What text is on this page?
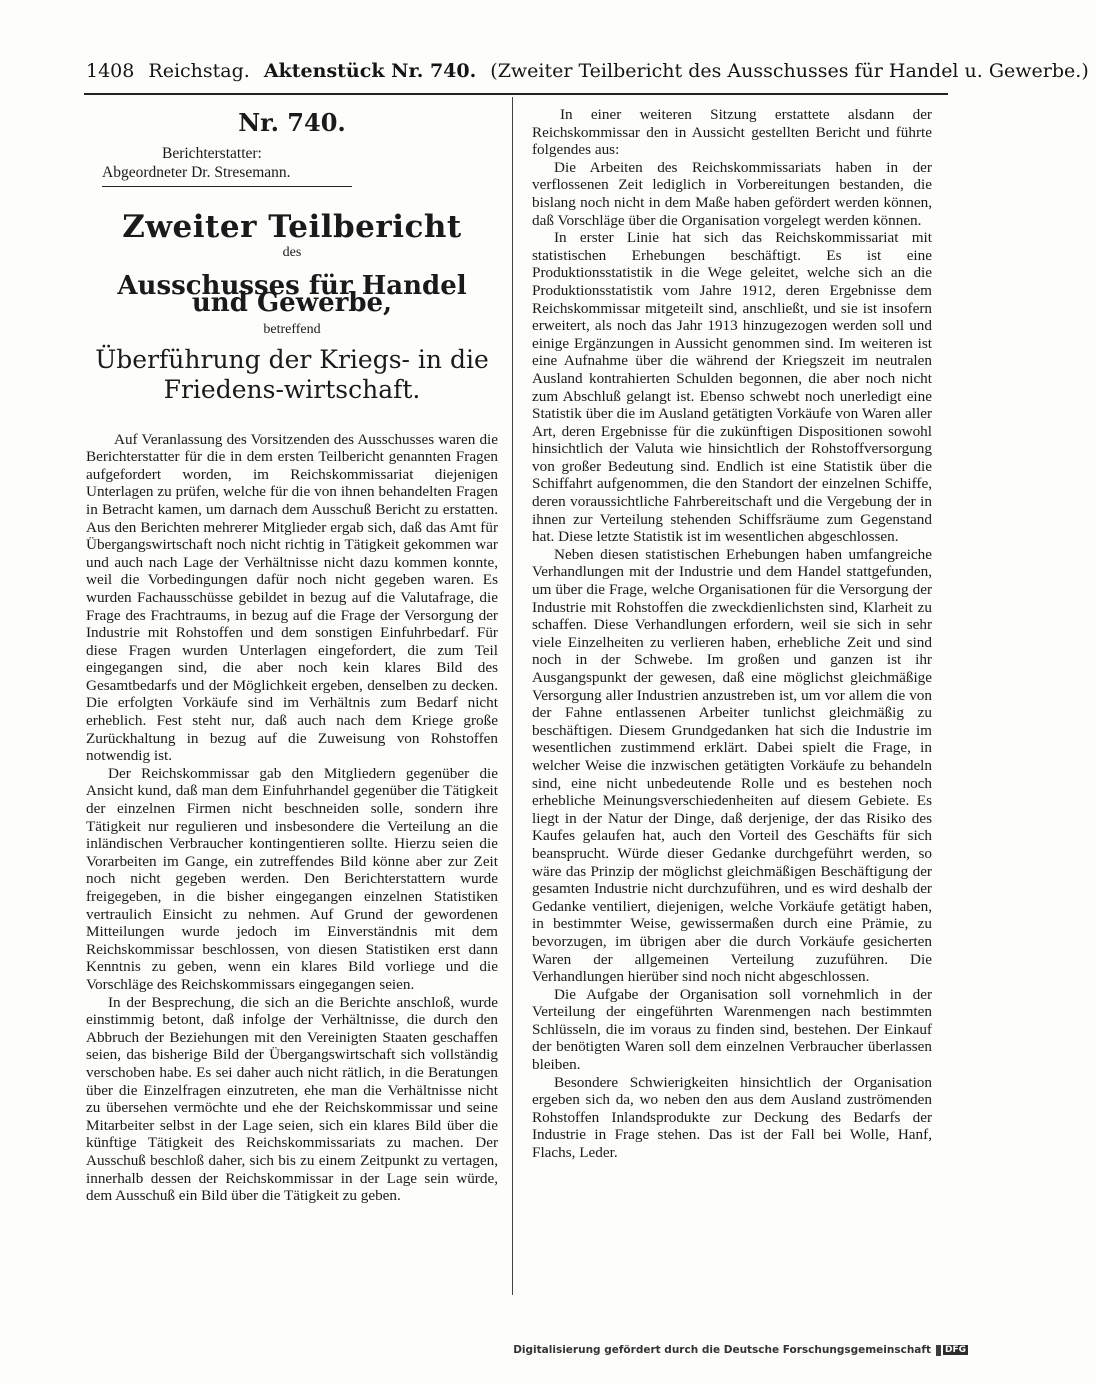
1408 Reichstag. Aktenstück Nr. 740. (Zweiter Teilbericht des Ausschusses für Handel u. Gewerbe.)
Nr. 740.
Berichterstatter:
Abgeordneter Dr. Stresemann.
Zweiter Teilbericht
des
Ausschusses für Handel und Gewerbe,
betreffend
Überführung der Kriegs- in die Friedens-wirtschaft.

Auf Veranlassung des Vorsitzenden des Ausschusses waren die Berichterstatter für die in dem ersten Teilbericht genannten Fragen aufgefordert worden, im Reichskommissariat diejenigen Unterlagen zu prüfen, welche für die von ihnen behandelten Fragen in Betracht kamen, um darnach dem Ausschuß Bericht zu erstatten. Aus den Berichten mehrerer Mitglieder ergab sich, daß das Amt für Übergangswirtschaft noch nicht richtig in Tätigkeit gekommen war und auch nach Lage der Verhältnisse nicht dazu kommen konnte, weil die Vorbedingungen dafür noch nicht gegeben waren. Es wurden Fachausschüsse gebildet in bezug auf die Valutafrage, die Frage des Frachtraums, in bezug auf die Frage der Versorgung der Industrie mit Rohstoffen und dem sonstigen Einfuhrbedarf. Für diese Fragen wurden Unterlagen eingefordert, die zum Teil eingegangen sind, die aber noch kein klares Bild des Gesamtbedarfs und der Möglichkeit ergeben, denselben zu decken. Die erfolgten Vorkäufe sind im Verhältnis zum Bedarf nicht erheblich. Fest steht nur, daß auch nach dem Kriege große Zurückhaltung in bezug auf die Zuweisung von Rohstoffen notwendig ist.

Der Reichskommissar gab den Mitgliedern gegenüber die Ansicht kund, daß man dem Einfuhrhandel gegenüber die Tätigkeit der einzelnen Firmen nicht beschneiden solle, sondern ihre Tätigkeit nur regulieren und insbesondere die Verteilung an die inländischen Verbraucher kontingentieren sollte. Hierzu seien die Vorarbeiten im Gange, ein zutreffendes Bild könne aber zur Zeit noch nicht gegeben werden. Den Berichterstattern wurde freigegeben, in die bisher eingegangen einzelnen Statistiken vertraulich Einsicht zu nehmen. Auf Grund der gewordenen Mitteilungen wurde jedoch im Einverständnis mit dem Reichskommissar beschlossen, von diesen Statistiken erst dann Kenntnis zu geben, wenn ein klares Bild vorliege und die Vorschläge des Reichskommissars eingegangen seien.

In der Besprechung, die sich an die Berichte anschloß, wurde einstimmig betont, daß infolge der Verhältnisse, die durch den Abbruch der Beziehungen mit den Vereinigten Staaten geschaffen seien, das bisherige Bild der Übergangswirtschaft sich vollständig verschoben habe. Es sei daher auch nicht rätlich, in die Beratungen über die Einzelfragen einzutreten, ehe man die Verhältnisse nicht zu übersehen vermöchte und ehe der Reichskommissar und seine Mitarbeiter selbst in der Lage seien, sich ein klares Bild über die künftige Tätigkeit des Reichskommissariats zu machen. Der Ausschuß beschloß daher, sich bis zu einem Zeitpunkt zu vertagen, innerhalb dessen der Reichskommissar in der Lage sein würde, dem Ausschuß ein Bild über die Tätigkeit zu geben.

In einer weiteren Sitzung erstattete alsdann der Reichskommissar den in Aussicht gestellten Bericht und führte folgendes aus:

Die Arbeiten des Reichskommissariats haben in der verflossenen Zeit lediglich in Vorbereitungen bestanden, die bislang noch nicht in dem Maße haben gefördert werden können, daß Vorschläge über die Organisation vorgelegt werden können.

In erster Linie hat sich das Reichskommissariat mit statistischen Erhebungen beschäftigt. Es ist eine Produktionsstatistik in die Wege geleitet, welche sich an die Produktionsstatistik vom Jahre 1912, deren Ergebnisse dem Reichskommissar mitgeteilt sind, anschließt, und sie ist insofern erweitert, als noch das Jahr 1913 hinzugezogen werden soll und einige Ergänzungen in Aussicht genommen sind. Im weiteren ist eine Aufnahme über die während der Kriegszeit im neutralen Ausland kontrahierten Schulden begonnen, die aber noch nicht zum Abschluß gelangt ist. Ebenso schwebt noch unerledigt eine Statistik über die im Ausland getätigten Vorkäufe von Waren aller Art, deren Ergebnisse für die zukünftigen Dispositionen sowohl hinsichtlich der Valuta wie hinsichtlich der Rohstoffversorgung von großer Bedeutung sind. Endlich ist eine Statistik über die Schiffahrt aufgenommen, die den Standort der einzelnen Schiffe, deren voraussichtliche Fahrbereitschaft und die Vergebung der in ihnen zur Verteilung stehenden Schiffsräume zum Gegenstand hat. Diese letzte Statistik ist im wesentlichen abgeschlossen.

Neben diesen statistischen Erhebungen haben umfangreiche Verhandlungen mit der Industrie und dem Handel stattgefunden, um über die Frage, welche Organisationen für die Versorgung der Industrie mit Rohstoffen die zweckdienlichsten sind, Klarheit zu schaffen. Diese Verhandlungen erfordern, weil sie sich in sehr viele Einzelheiten zu verlieren haben, erhebliche Zeit und sind noch in der Schwebe. Im großen und ganzen ist ihr Ausgangspunkt der gewesen, daß eine möglichst gleichmäßige Versorgung aller Industrien anzustreben ist, um vor allem die von der Fahne entlassenen Arbeiter tunlichst gleichmäßig zu beschäftigen. Diesem Grundgedanken hat sich die Industrie im wesentlichen zustimmend erklärt. Dabei spielt die Frage, in welcher Weise die inzwischen getätigten Vorkäufe zu behandeln sind, eine nicht unbedeutende Rolle und es bestehen noch erhebliche Meinungsverschiedenheiten auf diesem Gebiete. Es liegt in der Natur der Dinge, daß derjenige, der das Risiko des Kaufes gelaufen hat, auch den Vorteil des Geschäfts für sich beansprucht. Würde dieser Gedanke durchgeführt werden, so wäre das Prinzip der möglichst gleichmäßigen Beschäftigung der gesamten Industrie nicht durchzuführen, und es wird deshalb der Gedanke ventiliert, diejenigen, welche Vorkäufe getätigt haben, in bestimmter Weise, gewissermaßen durch eine Prämie, zu bevorzugen, im übrigen aber die durch Vorkäufe gesicherten Waren der allgemeinen Verteilung zuzuführen. Die Verhandlungen hierüber sind noch nicht abgeschlossen.

Die Aufgabe der Organisation soll vornehmlich in der Verteilung der eingeführten Warenmengen nach bestimmten Schlüsseln, die im voraus zu finden sind, bestehen. Der Einkauf der benötigten Waren soll dem einzelnen Verbraucher überlassen bleiben.

Besondere Schwierigkeiten hinsichtlich der Organisation ergeben sich da, wo neben den aus dem Ausland zuströmenden Rohstoffen Inlandsprodukte zur Deckung des Bedarfs der Industrie in Frage stehen. Das ist der Fall bei Wolle, Hanf, Flachs, Leder.

Digitalisierung gefördert durch die Deutsche Forschungsgemeinschaft DFG
